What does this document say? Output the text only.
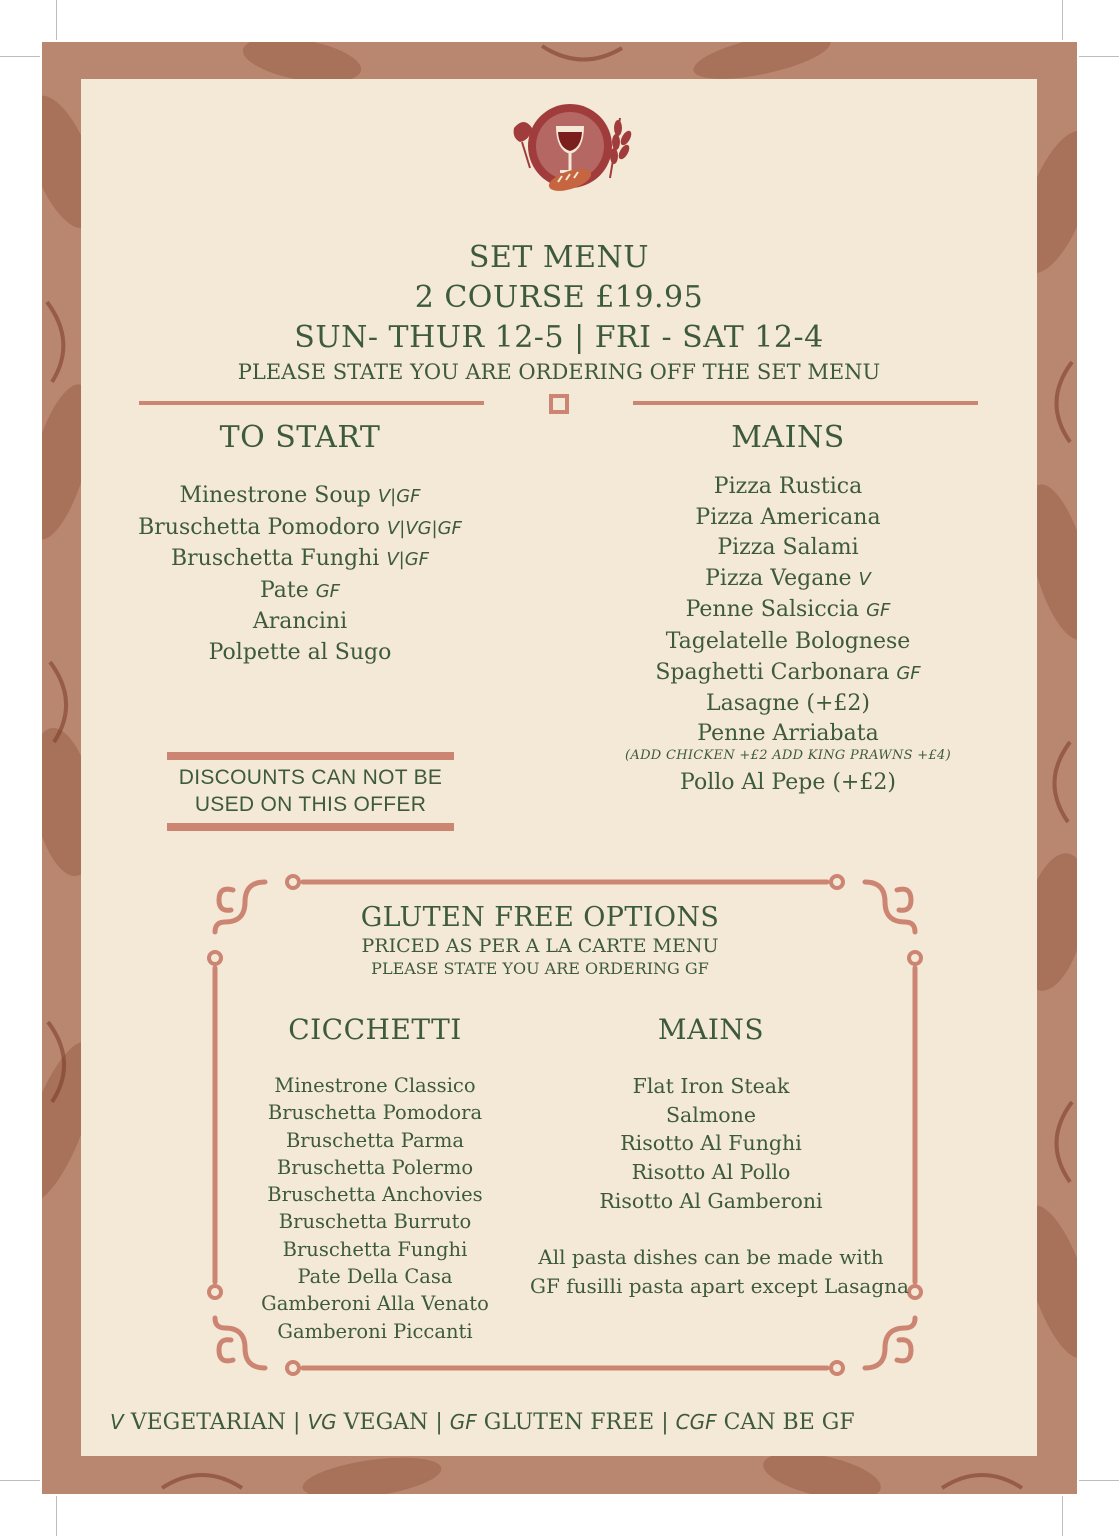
SET MENU
2 COURSE £19.95
SUN- THUR 12-5 | FRI - SAT 12-4
PLEASE STATE YOU ARE ORDERING OFF THE SET MENU
TO START
Minestrone Soup V|GF
Bruschetta Pomodoro V|VG|GF
Bruschetta Funghi V|GF
Pate GF
Arancini
Polpette al Sugo
MAINS
Pizza Rustica
Pizza Americana
Pizza Salami
Pizza Vegane V
Penne Salsiccia GF
Tagelatelle Bolognese
Spaghetti Carbonara GF
Lasagne (+£2)
Penne Arriabata
(ADD CHICKEN +£2 ADD KING PRAWNS +£4)
Pollo Al Pepe (+£2)
DISCOUNTS CAN NOT BE
USED ON THIS OFFER
GLUTEN FREE OPTIONS
PRICED AS PER A LA CARTE MENU
PLEASE STATE YOU ARE ORDERING GF
CICCHETTI
Minestrone Classico
Bruschetta Pomodora
Bruschetta Parma
Bruschetta Polermo
Bruschetta Anchovies
Bruschetta Burruto
Bruschetta Funghi
Pate Della Casa
Gamberoni Alla Venato
Gamberoni Piccanti
MAINS
Flat Iron Steak
Salmone
Risotto Al Funghi
Risotto Al Pollo
Risotto Al Gamberoni
All pasta dishes can be made with
GF fusilli pasta apart except Lasagna
V VEGETARIAN | VG VEGAN | GF GLUTEN FREE | CGF CAN BE GF
